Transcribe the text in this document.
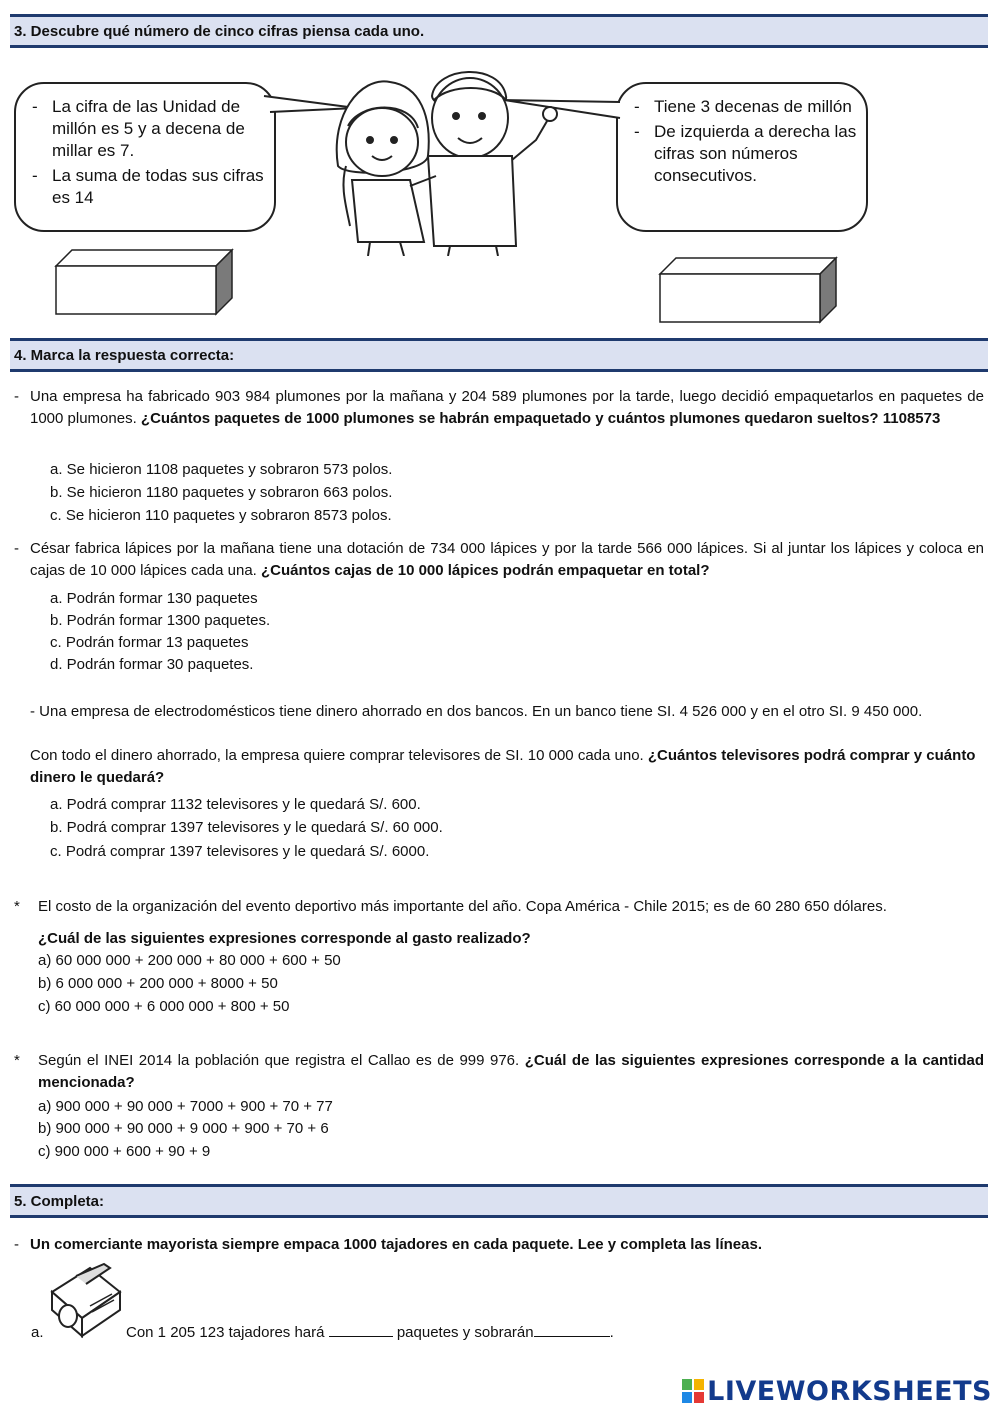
3. Descubre qué número de cinco cifras piensa cada uno.
- La cifra de las Unidad de millón es 5 y a decena de millar es 7.
- La suma de todas sus cifras es 14
- Tiene 3 decenas de millón
- De izquierda a derecha las cifras son números consecutivos.
4. Marca la respuesta correcta:
- Una empresa ha fabricado 903 984 plumones por la mañana y 204 589 plumones por la tarde, luego decidió empaquetarlos en paquetes de 1000 plumones. ¿Cuántos paquetes de 1000 plumones se habrán empaquetado y cuántos plumones quedaron sueltos? 1108573
a. Se hicieron 1108 paquetes y sobraron 573 polos.
b. Se hicieron 1180 paquetes y sobraron 663 polos.
c. Se hicieron 110 paquetes y sobraron 8573 polos.
- César fabrica lápices por la mañana tiene una dotación de 734 000 lápices y por la tarde 566 000 lápices. Si al juntar los lápices y coloca en cajas de 10 000 lápices cada una. ¿Cuántos cajas de 10 000 lápices podrán empaquetar en total?
a. Podrán formar 130 paquetes
b. Podrán formar 1300 paquetes.
c. Podrán formar 13 paquetes
d. Podrán formar 30 paquetes.
- Una empresa de electrodomésticos tiene dinero ahorrado en dos bancos. En un banco tiene SI. 4 526 000 y en el otro SI. 9 450 000.
Con todo el dinero ahorrado, la empresa quiere comprar televisores de SI. 10 000 cada uno. ¿Cuántos televisores podrá comprar y cuánto dinero le quedará?
a. Podrá comprar 1132 televisores y le quedará S/. 600.
b. Podrá comprar 1397 televisores y le quedará S/. 60 000.
c. Podrá comprar 1397 televisores y le quedará S/. 6000.
* El costo de la organización del evento deportivo más importante del año. Copa América - Chile 2015; es de 60 280 650 dólares.
¿Cuál de las siguientes expresiones corresponde al gasto realizado?
a) 60 000 000 + 200 000 + 80 000 + 600 + 50
b) 6 000 000 + 200 000 + 8000 + 50
c) 60 000 000 + 6 000 000 + 800 + 50
* Según el INEI 2014 la población que registra el Callao es de 999 976. ¿Cuál de las siguientes expresiones corresponde a la cantidad mencionada?
a) 900 000 + 90 000 + 7000 + 900 + 70 + 77
b) 900 000 + 90 000 + 9 000 + 900 + 70 + 6
c) 900 000 + 600 + 90 + 9
5. Completa:
- Un comerciante mayorista siempre empaca 1000 tajadores en cada paquete. Lee y completa las líneas.
a.	Con 1 205 123 tajadores hará	paquetes y sobrarán	.
LIVEWORKSHEETS
